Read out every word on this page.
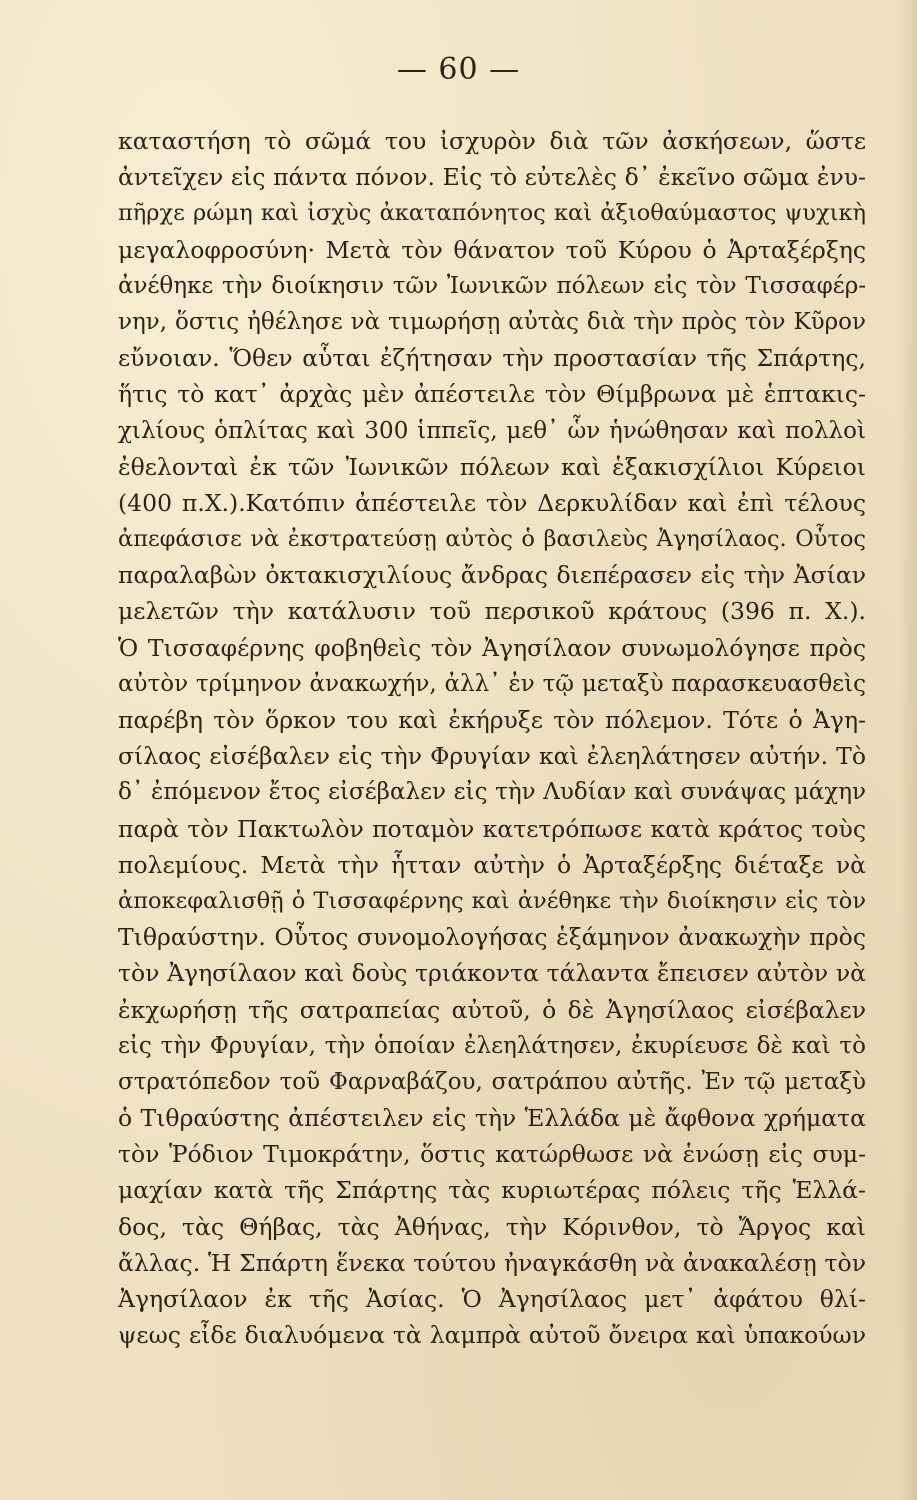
— 60 —
καταστήση τὸ σῶμά του ἰσχυρὸν διὰ τῶν ἀσκήσεων, ὥστε
ἀντεῖχεν εἰς πάντα πόνον. Εἰς τὸ εὐτελὲς δ᾿ ἐκεῖνο σῶμα ἐνυ-
πῆρχε ρώμη καὶ ἰσχὺς ἀκαταπόνητος καὶ ἀξιοθαύμαστος ψυχικὴ
μεγαλοφροσύνη· Μετὰ τὸν θάνατον τοῦ Κύρου ὁ Ἀρταξέρξης
ἀνέθηκε τὴν διοίκησιν τῶν Ἰωνικῶν πόλεων εἰς τὸν Τισσαφέρ-
νην, ὅστις ἠθέλησε νὰ τιμωρήσῃ αὐτὰς διὰ τὴν πρὸς τὸν Κῦρον
εὔνοιαν. Ὅθεν αὗται ἐζήτησαν τὴν προστασίαν τῆς Σπάρτης,
ἥτις τὸ κατ᾿ ἀρχὰς μὲν ἀπέστειλε τὸν Θίμβρωνα μὲ ἑπτακις-
χιλίους ὁπλίτας καὶ 300 ἱππεῖς, μεθ᾿ ὧν ἡνώθησαν καὶ πολλοὶ
ἐθελονταὶ ἐκ τῶν Ἰωνικῶν πόλεων καὶ ἑξακισχίλιοι Κύρειοι
(400 π.Χ.).Κατόπιν ἀπέστειλε τὸν Δερκυλίδαν καὶ ἐπὶ τέλους
ἀπεφάσισε νὰ ἐκστρατεύσῃ αὐτὸς ὁ βασιλεὺς Ἀγησίλαος. Οὗτος
παραλαβὼν ὀκτακισχιλίους ἄνδρας διεπέρασεν εἰς τὴν Ἀσίαν
μελετῶν τὴν κατάλυσιν τοῦ περσικοῦ κράτους (396 π. Χ.).
Ὁ Τισσαφέρνης φοβηθεὶς τὸν Ἀγησίλαον συνωμολόγησε πρὸς
αὐτὸν τρίμηνον ἀνακωχήν, ἀλλ᾿ ἐν τῷ μεταξὺ παρασκευασθεὶς
παρέβη τὸν ὅρκον του καὶ ἐκήρυξε τὸν πόλεμον. Τότε ὁ Ἀγη-
σίλαος εἰσέβαλεν εἰς τὴν Φρυγίαν καὶ ἐλεηλάτησεν αὐτήν. Τὸ
δ᾿ ἐπόμενον ἔτος εἰσέβαλεν εἰς τὴν Λυδίαν καὶ συνάψας μάχην
παρὰ τὸν Πακτωλὸν ποταμὸν κατετρόπωσε κατὰ κράτος τοὺς
πολεμίους. Μετὰ τὴν ἧτταν αὐτὴν ὁ Ἀρταξέρξης διέταξε νὰ
ἀποκεφαλισθῇ ὁ Τισσαφέρνης καὶ ἀνέθηκε τὴν διοίκησιν εἰς τὸν
Τιθραύστην. Οὗτος συνομολογήσας ἑξάμηνον ἀνακωχὴν πρὸς
τὸν Ἀγησίλαον καὶ δοὺς τριάκοντα τάλαντα ἔπεισεν αὐτὸν νὰ
ἐκχωρήσῃ τῆς σατραπείας αὐτοῦ, ὁ δὲ Ἀγησίλαος εἰσέβαλεν
εἰς τὴν Φρυγίαν, τὴν ὁποίαν ἐλεηλάτησεν, ἐκυρίευσε δὲ καὶ τὸ
στρατόπεδον τοῦ Φαρναβάζου, σατράπου αὐτῆς. Ἐν τῷ μεταξὺ
ὁ Τιθραύστης ἀπέστειλεν εἰς τὴν Ἑλλάδα μὲ ἄφθονα χρήματα
τὸν Ῥόδιον Τιμοκράτην, ὅστις κατώρθωσε νὰ ἑνώσῃ εἰς συμ-
μαχίαν κατὰ τῆς Σπάρτης τὰς κυριωτέρας πόλεις τῆς Ἑλλά-
δος, τὰς Θήβας, τὰς Ἀθήνας, τὴν Κόρινθον, τὸ Ἄργος καὶ
ἄλλας. Ἡ Σπάρτη ἕνεκα τούτου ἠναγκάσθη νὰ ἀνακαλέσῃ τὸν
Ἀγησίλαον ἐκ τῆς Ἀσίας. Ὁ Ἀγησίλαος μετ᾿ ἀφάτου θλί-
ψεως εἶδε διαλυόμενα τὰ λαμπρὰ αὐτοῦ ὄνειρα καὶ ὑπακούων
